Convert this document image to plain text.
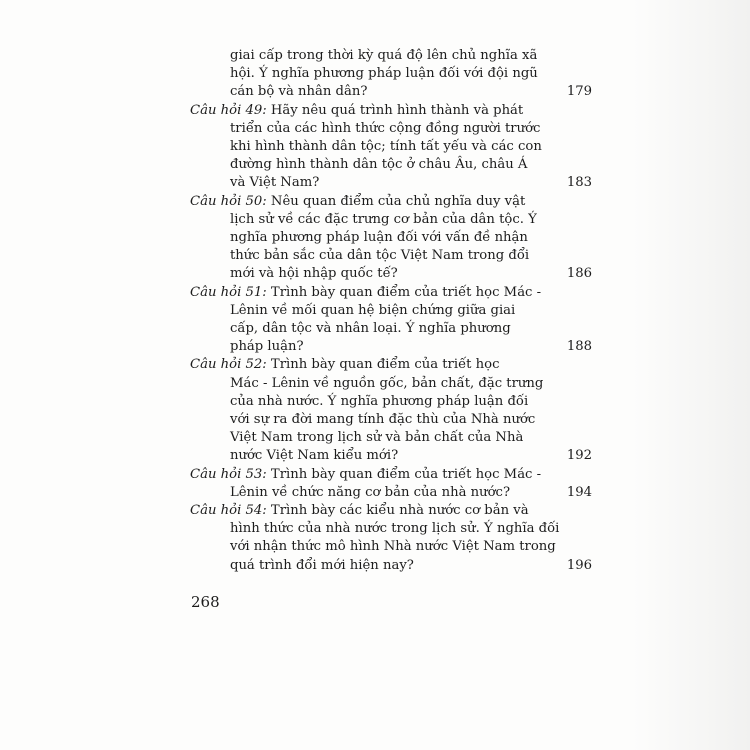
giai cấp trong thời kỳ quá độ lên chủ nghĩa xã
hội. Ý nghĩa phương pháp luận đối với đội ngũ
cán bộ và nhân dân?	179
Câu hỏi 49: Hãy nêu quá trình hình thành và phát
triển của các hình thức cộng đồng người trước
khi hình thành dân tộc; tính tất yếu và các con
đường hình thành dân tộc ở châu Âu, châu Á
và Việt Nam?	183
Câu hỏi 50: Nêu quan điểm của chủ nghĩa duy vật
lịch sử về các đặc trưng cơ bản của dân tộc. Ý
nghĩa phương pháp luận đối với vấn đề nhận
thức bản sắc của dân tộc Việt Nam trong đổi
mới và hội nhập quốc tế?	186
Câu hỏi 51: Trình bày quan điểm của triết học Mác -
Lênin về mối quan hệ biện chứng giữa giai
cấp, dân tộc và nhân loại. Ý nghĩa phương
pháp luận?	188
Câu hỏi 52: Trình bày quan điểm của triết học
Mác - Lênin về nguồn gốc, bản chất, đặc trưng
của nhà nước. Ý nghĩa phương pháp luận đối
với sự ra đời mang tính đặc thù của Nhà nước
Việt Nam trong lịch sử và bản chất của Nhà
nước Việt Nam kiểu mới?	192
Câu hỏi 53: Trình bày quan điểm của triết học Mác -
Lênin về chức năng cơ bản của nhà nước?	194
Câu hỏi 54: Trình bày các kiểu nhà nước cơ bản và
hình thức của nhà nước trong lịch sử. Ý nghĩa đối
với nhận thức mô hình Nhà nước Việt Nam trong
quá trình đổi mới hiện nay?	196
268
